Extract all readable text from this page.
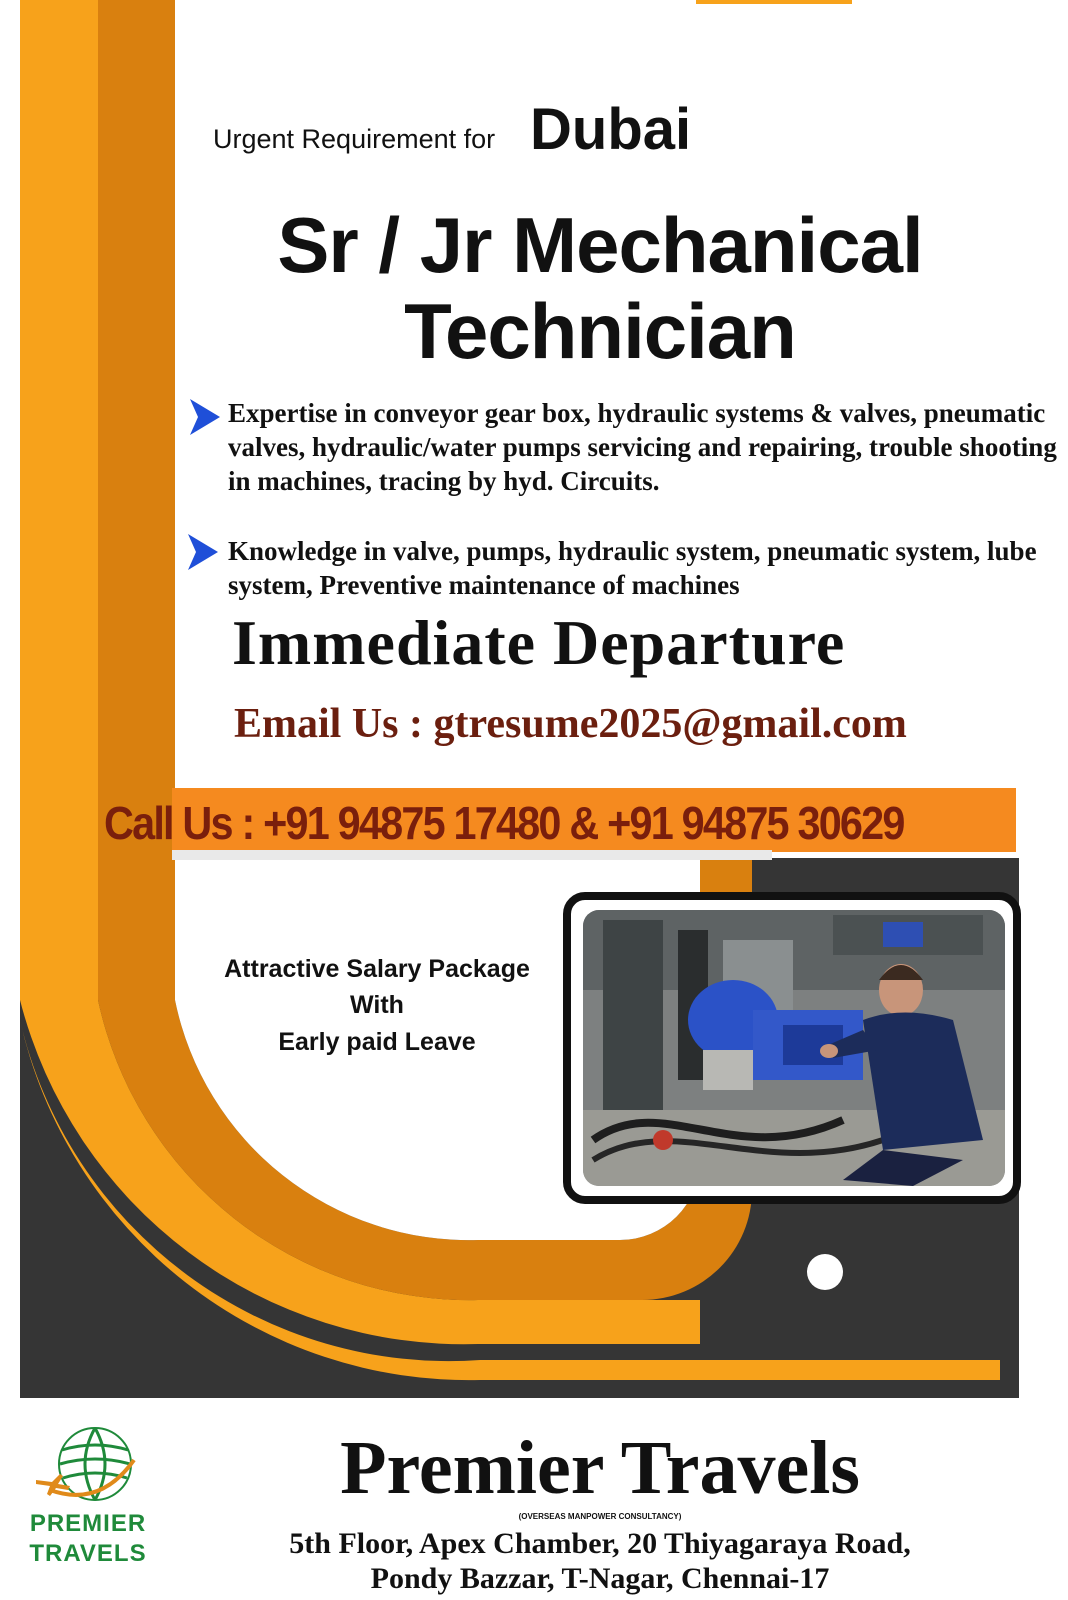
Urgent Requirement for Dubai
Sr / Jr Mechanical
Technician
Expertise in conveyor gear box, hydraulic systems & valves, pneumatic valves, hydraulic/water pumps servicing and repairing, trouble shooting in machines, tracing by hyd. Circuits.
Knowledge in valve, pumps, hydraulic system, pneumatic system, lube system, Preventive maintenance of machines
Immediate Departure
Email Us : gtresume2025@gmail.com
Call Us : +91 94875 17480 & +91 94875 30629
Attractive Salary Package
With
Early paid Leave
PREMIER
TRAVELS
Premier Travels
(OVERSEAS MANPOWER CONSULTANCY)
5th Floor, Apex Chamber, 20 Thiyagaraya Road,
Pondy Bazzar, T-Nagar, Chennai-17
